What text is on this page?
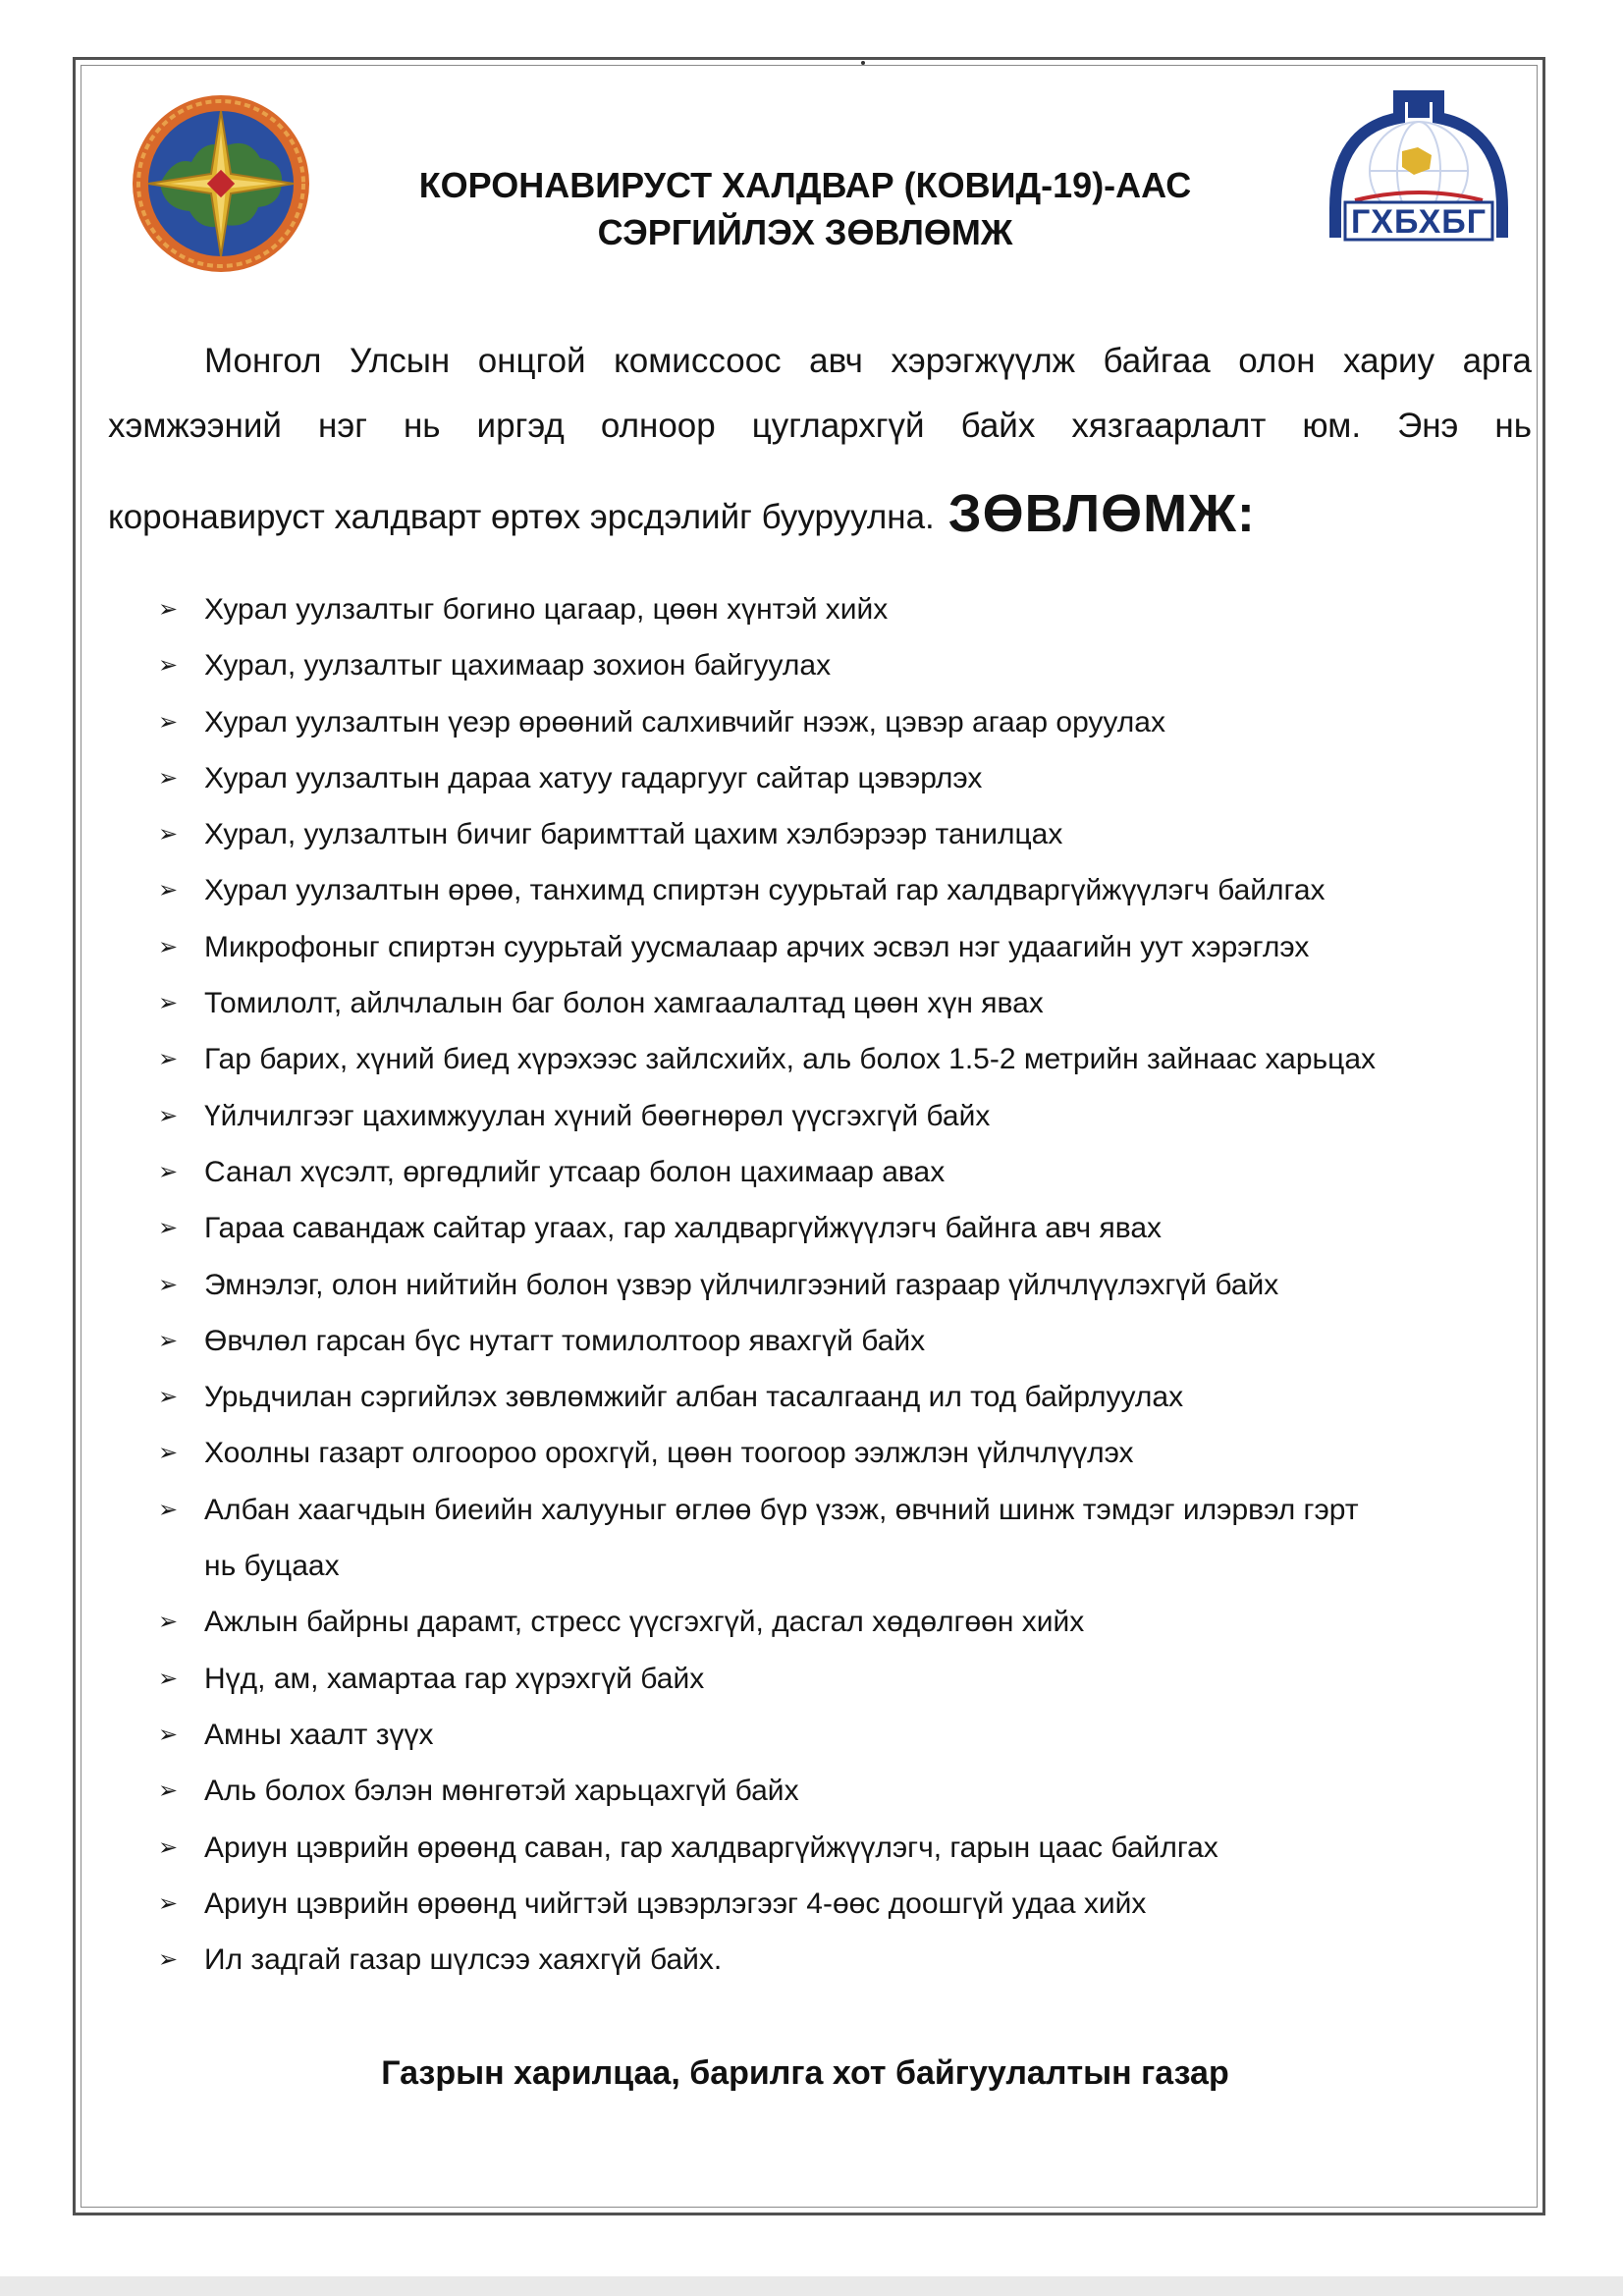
ГХБХБГ
КОРОНАВИРУСТ ХАЛДВАР (КОВИД-19)-ААС
СЭРГИЙЛЭХ ЗӨВЛӨМЖ
Монгол Улсын онцгой комиссоос авч хэрэгжүүлж байгаа олон хариу арга
хэмжээний нэг нь иргэд олноор цуглархгүй байх хязгаарлалт юм. Энэ нь
коронавируст халдварт өртөх эрсдэлийг бууруулна. ЗӨВЛӨМЖ:
➢ Хурал уулзалтыг богино цагаар, цөөн хүнтэй хийх
➢ Хурал, уулзалтыг цахимаар зохион байгуулах
➢ Хурал уулзалтын үеэр өрөөний салхивчийг нээж, цэвэр агаар оруулах
➢ Хурал уулзалтын дараа хатуу гадаргууг сайтар цэвэрлэх
➢ Хурал, уулзалтын бичиг баримттай цахим хэлбэрээр танилцах
➢ Хурал уулзалтын өрөө, танхимд спиртэн суурьтай гар халдваргүйжүүлэгч байлгах
➢ Микрофоныг спиртэн суурьтай уусмалаар арчих эсвэл нэг удаагийн уут хэрэглэх
➢ Томилолт, айлчлалын баг болон хамгаалалтад цөөн хүн явах
➢ Гар барих, хүний биед хүрэхээс зайлсхийх, аль болох 1.5-2 метрийн зайнаас харьцах
➢ Үйлчилгээг цахимжуулан хүний бөөгнөрөл үүсгэхгүй байх
➢ Санал хүсэлт, өргөдлийг утсаар болон цахимаар авах
➢ Гараа савандаж сайтар угаах, гар халдваргүйжүүлэгч байнга авч явах
➢ Эмнэлэг, олон нийтийн болон үзвэр үйлчилгээний газраар үйлчлүүлэхгүй байх
➢ Өвчлөл гарсан бүс нутагт томилолтоор явахгүй байх
➢ Урьдчилан сэргийлэх зөвлөмжийг албан тасалгаанд ил тод байрлуулах
➢ Хоолны газарт олгоороо орохгүй, цөөн тоогоор ээлжлэн үйлчлүүлэх
➢ Албан хаагчдын биеийн халууныг өглөө бүр үзэж, өвчний шинж тэмдэг илэрвэл гэрт
нь буцаах
➢ Ажлын байрны дарамт, стресс үүсгэхгүй, дасгал хөдөлгөөн хийх
➢ Нүд, ам, хамартаа гар хүрэхгүй байх
➢ Амны хаалт зүүх
➢ Аль болох бэлэн мөнгөтэй харьцахгүй байх
➢ Ариун цэврийн өрөөнд саван, гар халдваргүйжүүлэгч, гарын цаас байлгах
➢ Ариун цэврийн өрөөнд чийгтэй цэвэрлэгээг 4-өөс доошгүй удаа хийх
➢ Ил задгай газар шүлсээ хаяхгүй байх.
Газрын харилцаа, барилга хот байгуулалтын газар
